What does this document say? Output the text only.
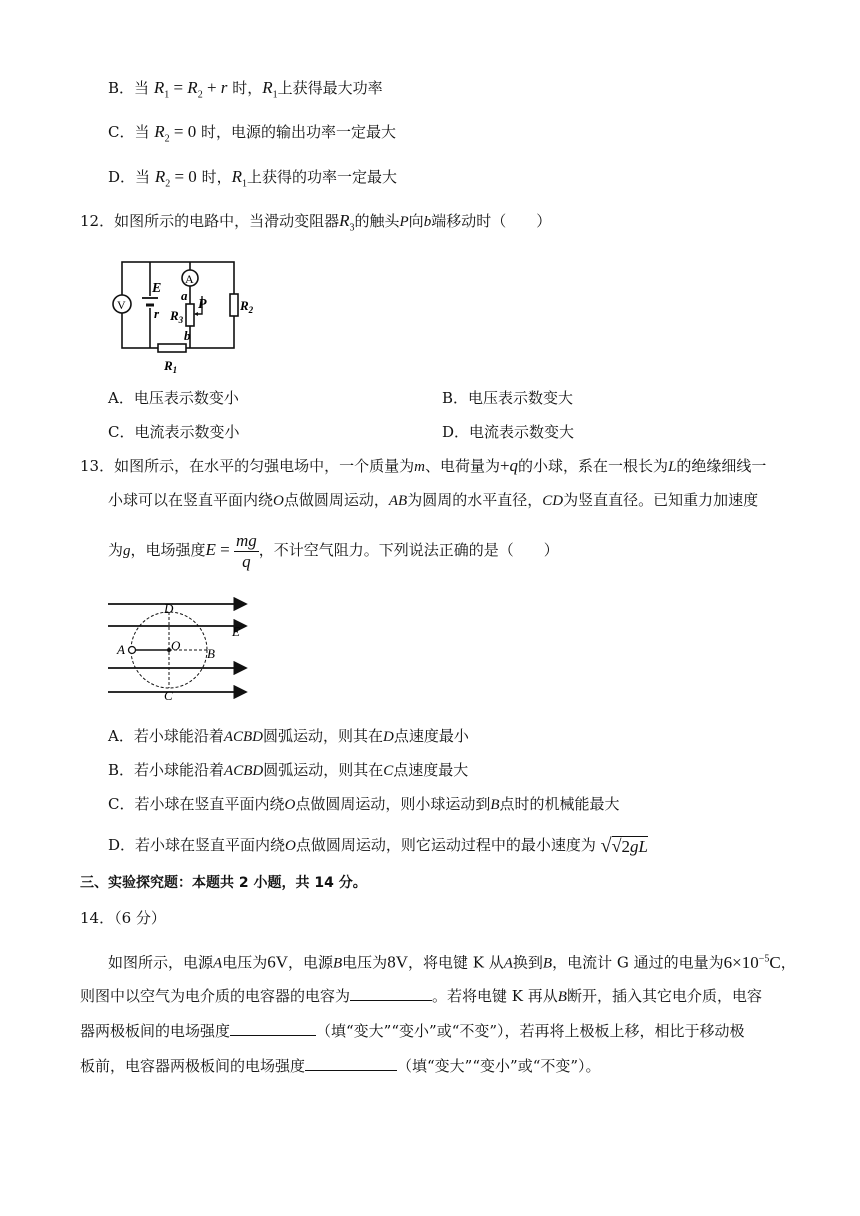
B．当 $R_1 = R_2 + r$ 时，$R_1$上获得最大功率
C．当 $R_2 = 0$ 时，电源的输出功率一定最大
D．当 $R_2 = 0$ 时，$R_1$上获得的功率一定最大
12．如图所示的电路中，当滑动变阻器$R_3$的触头P向b端移动时（　　）
V
E
r
A
a
P
$R_3$
b
$R_2$
$R_1$
A．电压表示数变小	B．电压表示数变大
C．电流表示数变小	D．电流表示数变大
13．如图所示，在水平的匀强电场中，一个质量为m、电荷量为+q的小球，系在一根长为L的绝缘细线一
小球可以在竖直平面内绕O点做圆周运动，AB为圆周的水平直径，CD为竖直直径。已知重力加速度
为g，电场强度$E = \frac{mg}{q}$ ，不计空气阻力。下列说法正确的是（　　）
D
E
A	O
B
C
A．若小球能沿着ACBD圆弧运动，则其在D点速度最小
B．若小球能沿着ACBD圆弧运动，则其在C点速度最大
C．若小球在竖直平面内绕O点做圆周运动，则小球运动到B点时的机械能最大
D．若小球在竖直平面内绕O点做圆周运动，则它运动过程中的最小速度为 √√2gL
三、实验探究题：本题共 2 小题，共 14 分。
14．（6 分）
如图所示，电源A电压为6V，电源B电压为8V，将电键 K 从A换到B，电流计 G 通过的电量为$6\times 10^{-5}C$，
则图中以空气为电介质的电容器的电容为	。若将电键 K 再从B断开，插入其它电介质，电容
器两极板间的电场强度	（填“变大”“变小”或“不变”），若再将上极板上移，相比于移动极
板前，电容器两极板间的电场强度	（填“变大”“变小”或“不变”）。
